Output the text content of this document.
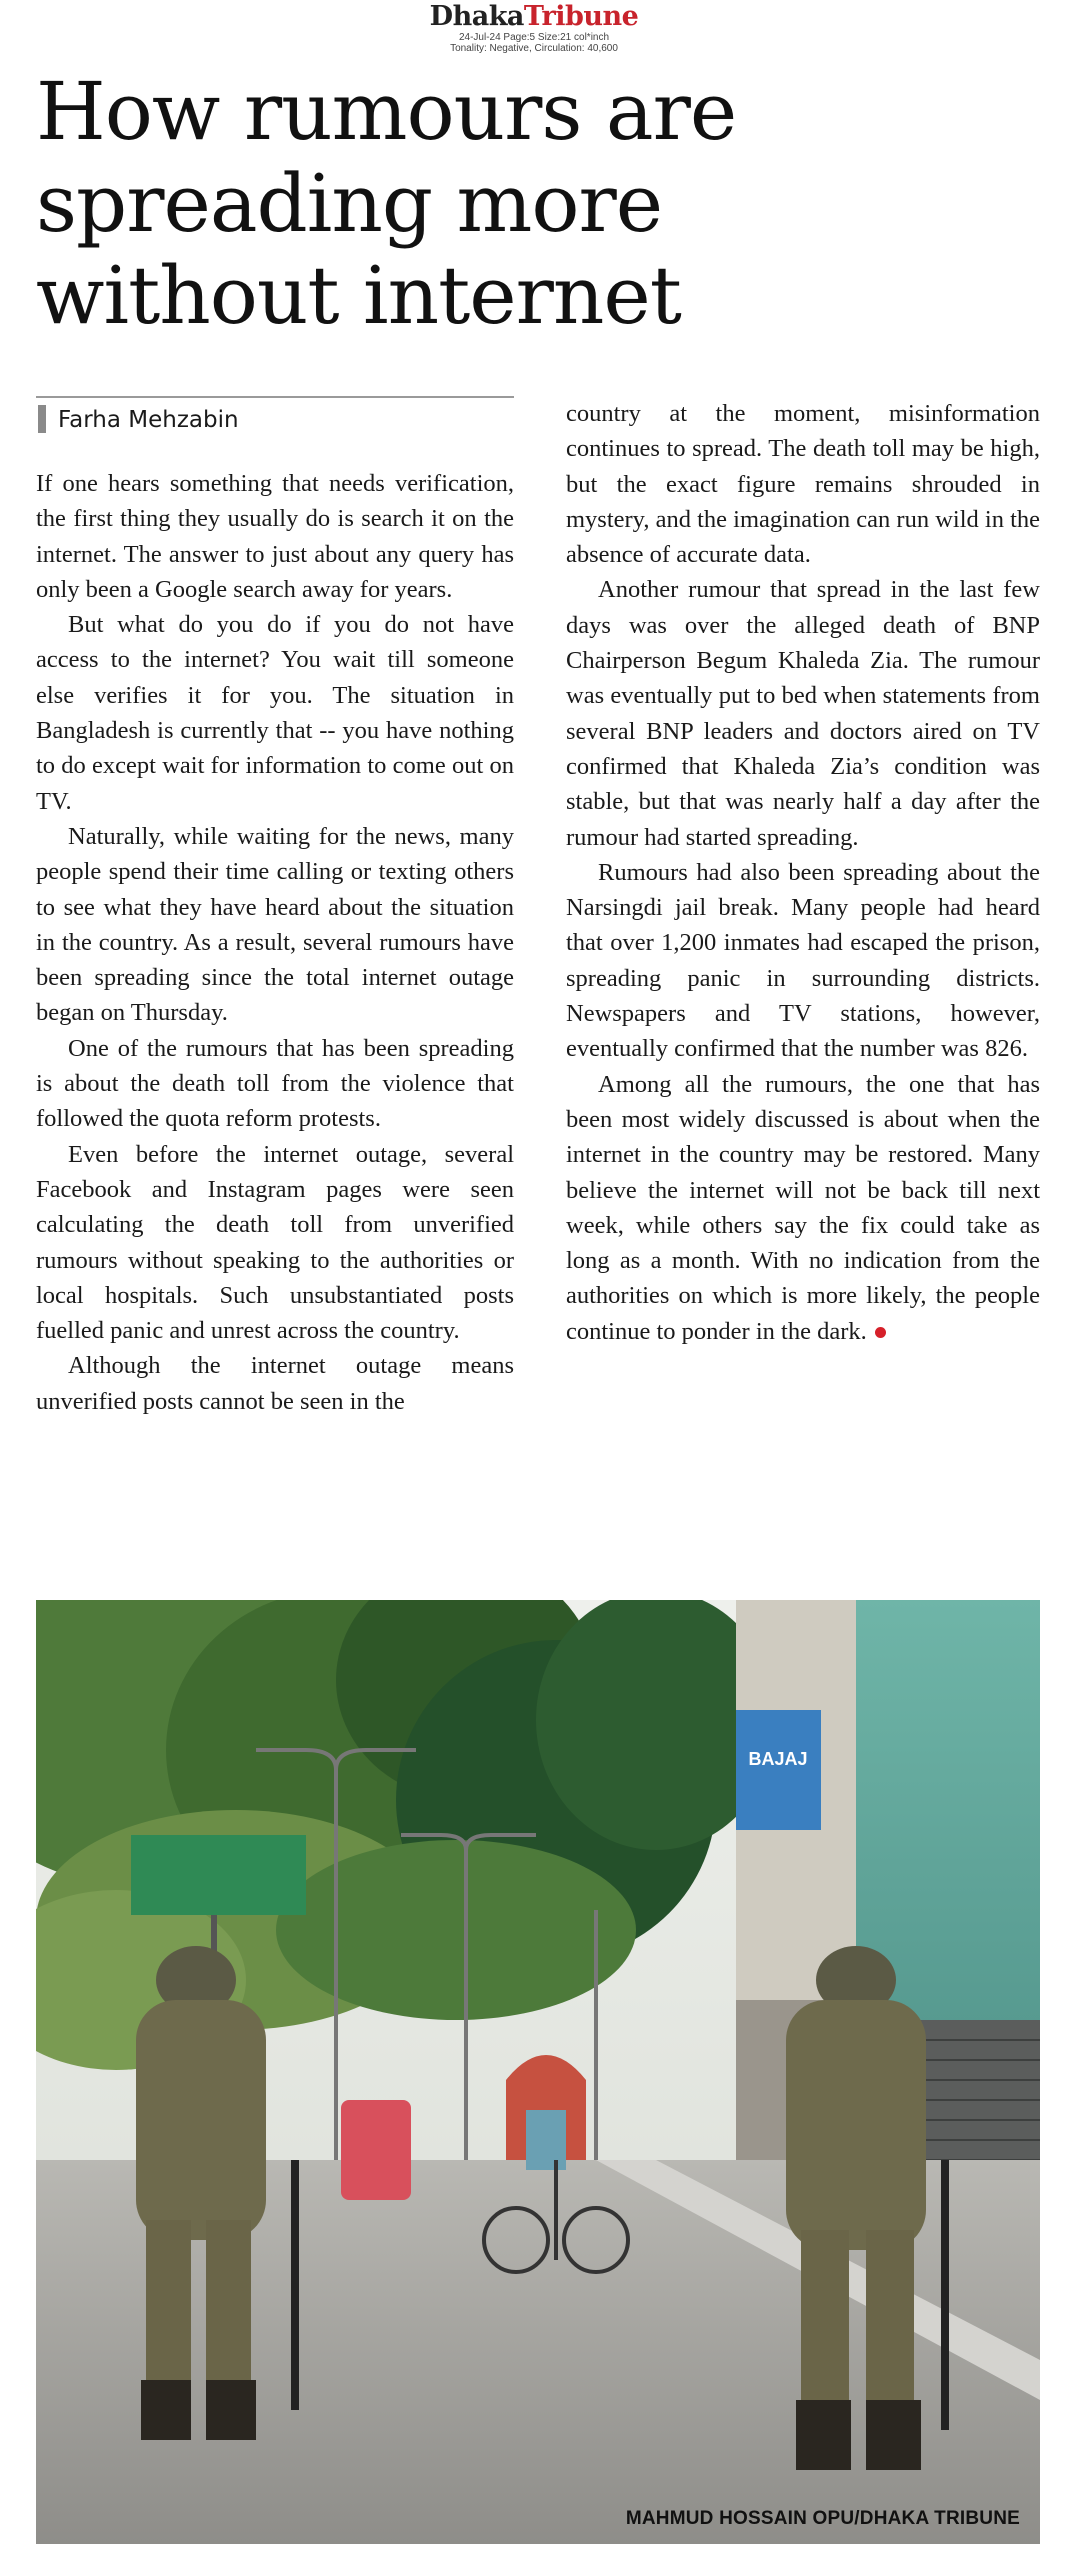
DhakaTribune
24-Jul-24 Page:5 Size:21 col*inch
Tonality: Negative, Circulation: 40,600
How rumours are spreading more without internet
Farha Mehzabin

If one hears something that needs verification, the first thing they usually do is search it on the internet. The answer to just about any query has only been a Google search away for years.

But what do you do if you do not have access to the internet? You wait till someone else verifies it for you. The situation in Bangladesh is currently that -- you have nothing to do except wait for information to come out on TV.

Naturally, while waiting for the news, many people spend their time calling or texting others to see what they have heard about the situation in the country. As a result, several rumours have been spreading since the total internet outage began on Thursday.

One of the rumours that has been spreading is about the death toll from the violence that followed the quota reform protests.

Even before the internet outage, several Facebook and Instagram pages were seen calculating the death toll from unverified rumours without speaking to the authorities or local hospitals. Such unsubstantiated posts fuelled panic and unrest across the country.

Although the internet outage means unverified posts cannot be seen in the

country at the moment, misinformation continues to spread. The death toll may be high, but the exact figure remains shrouded in mystery, and the imagination can run wild in the absence of accurate data.

Another rumour that spread in the last few days was over the alleged death of BNP Chairperson Begum Khaleda Zia. The rumour was eventually put to bed when statements from several BNP leaders and doctors aired on TV confirmed that Khaleda Zia’s condition was stable, but that was nearly half a day after the rumour had started spreading.

Rumours had also been spreading about the Narsingdi jail break. Many people had heard that over 1,200 inmates had escaped the prison, spreading panic in surrounding districts. Newspapers and TV stations, however, eventually confirmed that the number was 826.

Among all the rumours, the one that has been most widely discussed is about when the internet in the country may be restored. Many believe the internet will not be back till next week, while others say the fix could take as long as a month. With no indication from the authorities on which is more likely, the people continue to ponder in the dark.

BAJAJ
MAHMUD HOSSAIN OPU/DHAKA TRIBUNE
